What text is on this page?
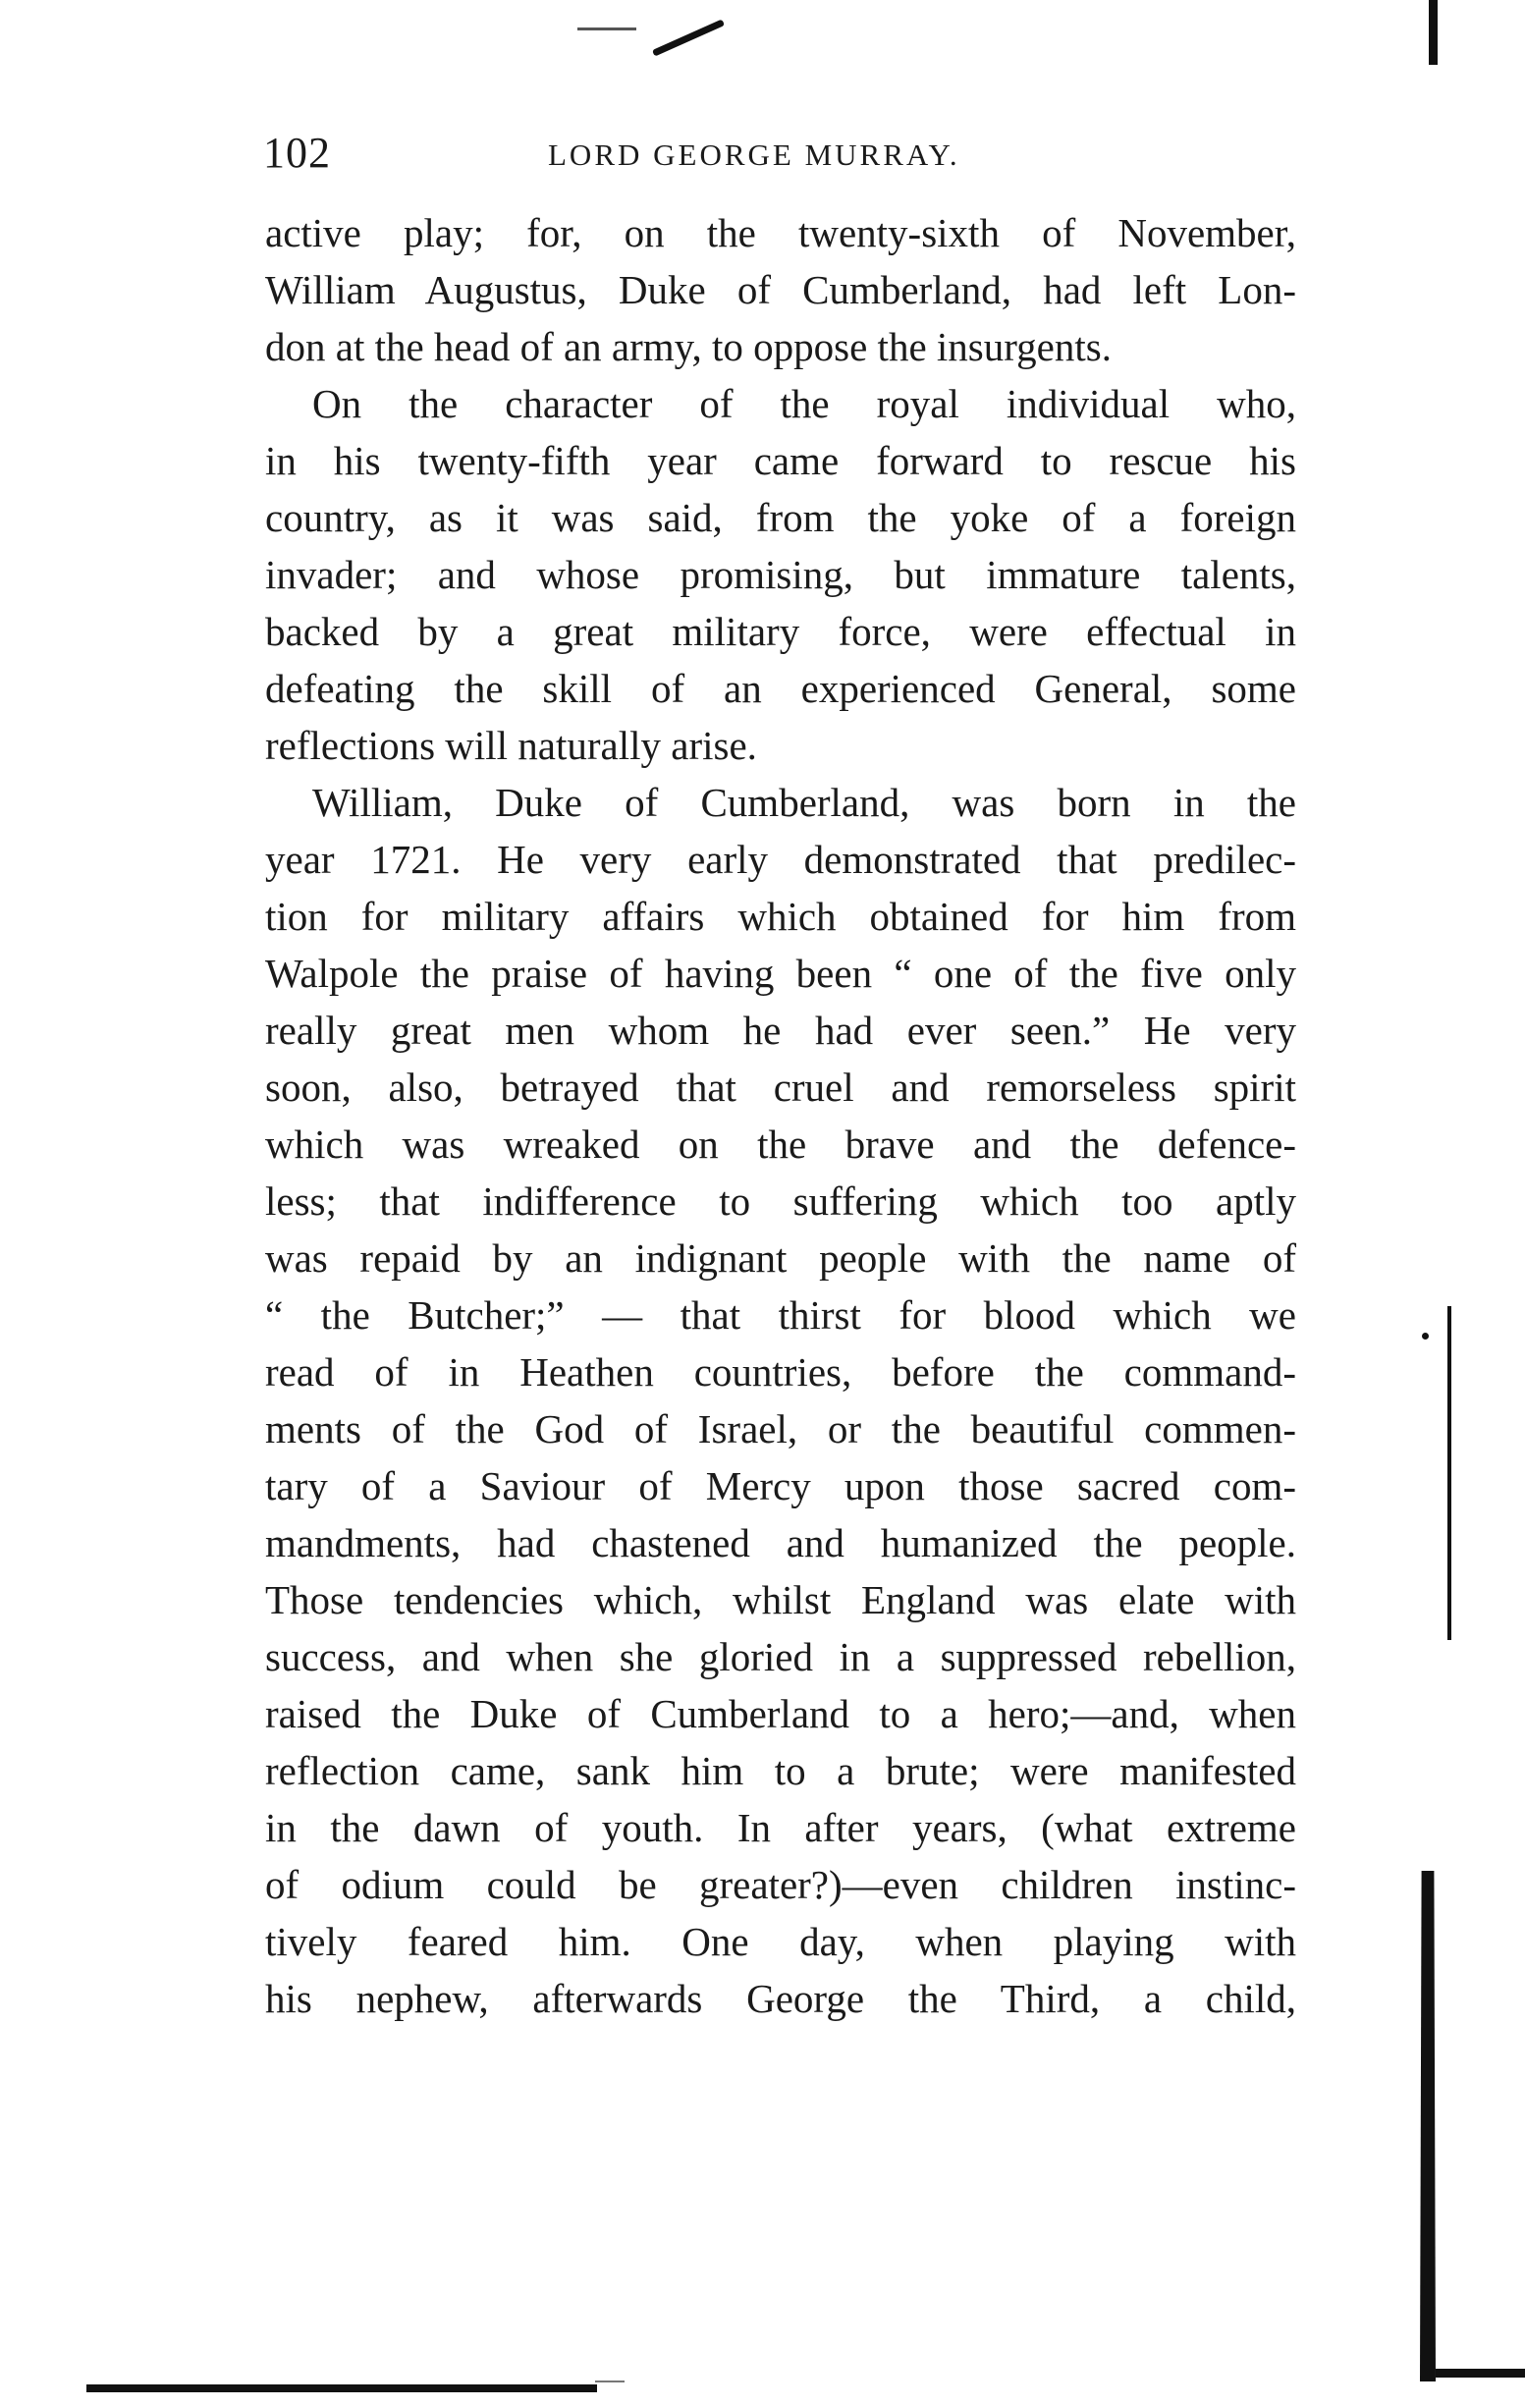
102	LORD GEORGE MURRAY.
active play; for, on the twenty-sixth of November,
William Augustus, Duke of Cumberland, had left Lon-
don at the head of an army, to oppose the insurgents.
On the character of the royal individual who,
in his twenty-fifth year came forward to rescue his
country, as it was said, from the yoke of a foreign
invader; and whose promising, but immature talents,
backed by a great military force, were effectual in
defeating the skill of an experienced General, some
reflections will naturally arise.
William, Duke of Cumberland, was born in the
year 1721. He very early demonstrated that predilec-
tion for military affairs which obtained for him from
Walpole the praise of having been “ one of the five only
really great men whom he had ever seen.” He very
soon, also, betrayed that cruel and remorseless spirit
which was wreaked on the brave and the defence-
less; that indifference to suffering which too aptly
was repaid by an indignant people with the name of
“ the Butcher;” — that thirst for blood which we
read of in Heathen countries, before the command-
ments of the God of Israel, or the beautiful commen-
tary of a Saviour of Mercy upon those sacred com-
mandments, had chastened and humanized the people.
Those tendencies which, whilst England was elate with
success, and when she gloried in a suppressed rebellion,
raised the Duke of Cumberland to a hero;—and, when
reflection came, sank him to a brute; were manifested
in the dawn of youth. In after years, (what extreme
of odium could be greater?)—even children instinc-
tively feared him. One day, when playing with
his nephew, afterwards George the Third, a child,
